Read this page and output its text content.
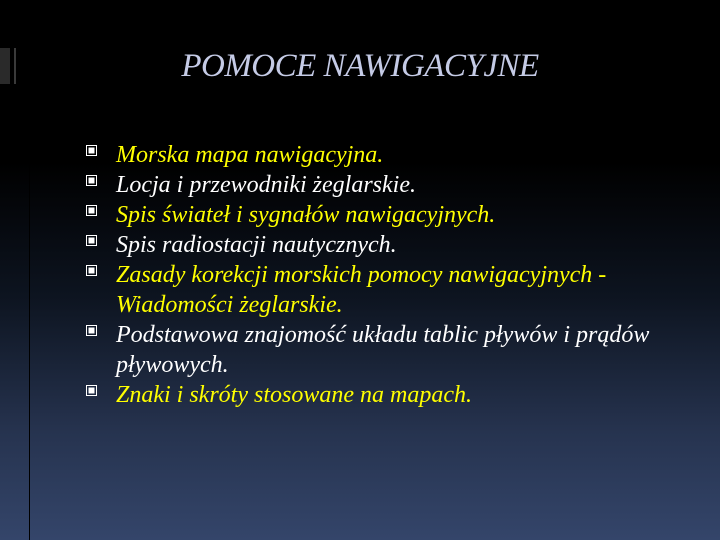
POMOCE NAWIGACYJNE
Morska mapa nawigacyjna.
Locja i przewodniki żeglarskie.
Spis świateł i sygnałów nawigacyjnych.
Spis radiostacji nautycznych.
Zasady korekcji morskich pomocy nawigacyjnych -Wiadomości żeglarskie.
Podstawowa znajomość układu tablic pływów i prądów pływowych.
Znaki i skróty stosowane na mapach.
